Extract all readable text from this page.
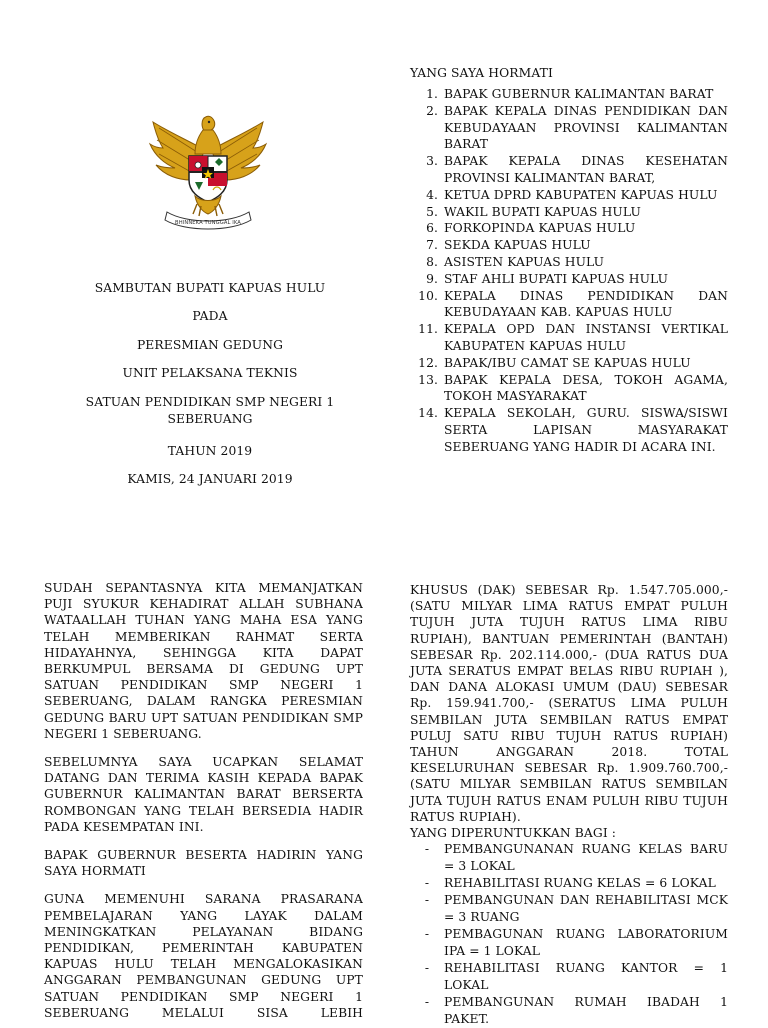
BHINNEKA TUNGGAL IKA

SAMBUTAN BUPATI KAPUAS HULU

PADA

PERESMIAN GEDUNG

UNIT PELAKSANA TEKNIS

SATUAN PENDIDIKAN SMP NEGERI 1 SEBERUANG

TAHUN 2019

KAMIS, 24 JANUARI 2019

YANG SAYA HORMATI

1. BAPAK GUBERNUR KALIMANTAN BARAT
2. BAPAK KEPALA DINAS PENDIDIKAN DAN KEBUDAYAAN PROVINSI KALIMANTAN BARAT
3. BAPAK KEPALA DINAS KESEHATAN PROVINSI KALIMANTAN BARAT,
4. KETUA DPRD KABUPATEN KAPUAS HULU
5. WAKIL BUPATI KAPUAS HULU
6. FORKOPINDA KAPUAS HULU
7. SEKDA KAPUAS HULU
8. ASISTEN KAPUAS HULU
9. STAF AHLI BUPATI KAPUAS HULU
10. KEPALA DINAS PENDIDIKAN DAN KEBUDAYAAN KAB. KAPUAS HULU
11. KEPALA OPD DAN INSTANSI VERTIKAL KABUPATEN KAPUAS HULU
12. BAPAK/IBU CAMAT SE KAPUAS HULU
13. BAPAK KEPALA DESA, TOKOH AGAMA, TOKOH MASYARAKAT
14. KEPALA SEKOLAH, GURU. SISWA/SISWI SERTA LAPISAN MASYARAKAT SEBERUANG YANG HADIR DI ACARA INI.

SUDAH SEPANTASNYA KITA MEMANJATKAN PUJI SYUKUR KEHADIRAT ALLAH SUBHANA WATAALLAH TUHAN YANG MAHA ESA YANG TELAH MEMBERIKAN RAHMAT SERTA HIDAYAHNYA, SEHINGGA KITA DAPAT BERKUMPUL BERSAMA DI GEDUNG UPT SATUAN PENDIDIKAN SMP NEGERI 1 SEBERUANG, DALAM RANGKA PERESMIAN GEDUNG BARU UPT SATUAN PENDIDIKAN SMP NEGERI 1 SEBERUANG.

SEBELUMNYA SAYA UCAPKAN SELAMAT DATANG DAN TERIMA KASIH KEPADA BAPAK GUBERNUR KALIMANTAN BARAT BERSERTA ROMBONGAN YANG TELAH BERSEDIA HADIR PADA KESEMPATAN INI.

BAPAK GUBERNUR BESERTA HADIRIN YANG SAYA HORMATI

GUNA MEMENUHI SARANA PRASARANA PEMBELAJARAN YANG LAYAK DALAM MENINGKATKAN PELAYANAN BIDANG PENDIDIKAN, PEMERINTAH KABUPATEN KAPUAS HULU TELAH MENGALOKASIKAN ANGGARAN PEMBANGUNAN GEDUNG UPT SATUAN PENDIDIKAN SMP NEGERI 1 SEBERUANG MELALUI SISA LEBIH

KHUSUS (DAK) SEBESAR Rp. 1.547.705.000,- (SATU MILYAR LIMA RATUS EMPAT PULUH TUJUH JUTA TUJUH RATUS LIMA RIBU RUPIAH), BANTUAN PEMERINTAH (BANTAH) SEBESAR Rp. 202.114.000,- (DUA RATUS DUA JUTA SERATUS EMPAT BELAS RIBU RUPIAH ), DAN DANA ALOKASI UMUM (DAU) SEBESAR Rp. 159.941.700,- (SERATUS LIMA PULUH SEMBILAN JUTA SEMBILAN RATUS EMPAT PULUJ SATU RIBU TUJUH RATUS RUPIAH) TAHUN ANGGARAN 2018. TOTAL KESELURUHAN SEBESAR Rp. 1.909.760.700,- (SATU MILYAR SEMBILAN RATUS SEMBILAN JUTA TUJUH RATUS ENAM PULUH RIBU TUJUH RATUS RUPIAH).

YANG DIPERUNTUKKAN BAGI :

-	PEMBANGUNANAN RUANG KELAS BARU = 3 LOKAL
-	REHABILITASI RUANG KELAS = 6 LOKAL
-	PEMBANGUNAN DAN REHABILITASI MCK = 3 RUANG
-	PEMBAGUNAN RUANG LABORATORIUM IPA = 1 LOKAL
-	REHABILITASI RUANG KANTOR = 1 LOKAL
-	PEMBANGUNAN RUMAH IBADAH 1 PAKET.
